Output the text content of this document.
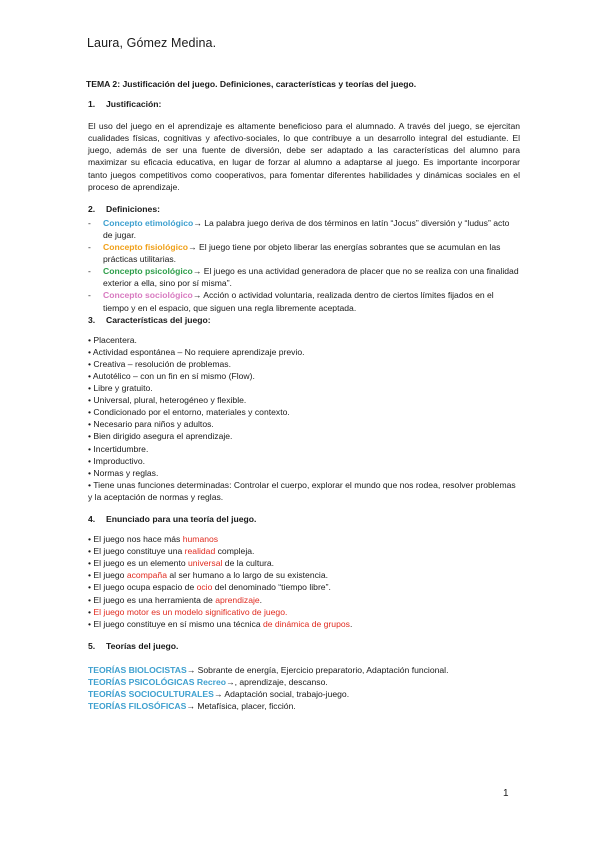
Laura, Gómez Medina.
TEMA 2: Justificación del juego. Definiciones, características y teorías del juego.
1. Justificación:
El uso del juego en el aprendizaje es altamente beneficioso para el alumnado. A través del juego, se ejercitan cualidades físicas, cognitivas y afectivo-sociales, lo que contribuye a un desarrollo integral del estudiante. El juego, además de ser una fuente de diversión, debe ser adaptado a las características del alumno para maximizar su eficacia educativa, en lugar de forzar al alumno a adaptarse al juego. Es importante incorporar tanto juegos competitivos como cooperativos, para fomentar diferentes habilidades y dinámicas sociales en el proceso de aprendizaje.
2. Definiciones:
-	Concepto etimológico→ La palabra juego deriva de dos términos en latín “Jocus” diversión y “ludus” acto de jugar.
-	Concepto fisiológico→ El juego tiene por objeto liberar las energías sobrantes que se acumulan en las prácticas utilitarias.
-	Concepto psicológico→ El juego es una actividad generadora de placer que no se realiza con una finalidad exterior a ella, sino por sí misma”.
-	Concepto sociológico→ Acción o actividad voluntaria, realizada dentro de ciertos límites fijados en el tiempo y en el espacio, que siguen una regla libremente aceptada.
3. Características del juego:
• Placentera.
• Actividad espontánea – No requiere aprendizaje previo.
• Creativa – resolución de problemas.
• Autotélico – con un fin en sí mismo (Flow).
• Libre y gratuito.
• Universal, plural, heterogéneo y flexible.
• Condicionado por el entorno, materiales y contexto.
• Necesario para niños y adultos.
• Bien dirigido asegura el aprendizaje.
• Incertidumbre.
• Improductivo.
• Normas y reglas.
• Tiene unas funciones determinadas: Controlar el cuerpo, explorar el mundo que nos rodea, resolver problemas y la aceptación de normas y reglas.
4. Enunciado para una teoría del juego.
• El juego nos hace más humanos
• El juego constituye una realidad compleja.
• El juego es un elemento universal de la cultura.
• El juego acompaña al ser humano a lo largo de su existencia.
• El juego ocupa espacio de ocio del denominado “tiempo libre”.
• El juego es una herramienta de aprendizaje.
• El juego motor es un modelo significativo de juego.
• El juego constituye en sí mismo una técnica de dinámica de grupos.
5. Teorías del juego.
TEORÍAS BIOLOCISTAS→ Sobrante de energía, Ejercicio preparatorio, Adaptación funcional.
TEORÍAS PSICOLÓGICAS Recreo→, aprendizaje, descanso.
TEORÍAS SOCIOCULTURALES→ Adaptación social, trabajo-juego.
TEORÍAS FILOSÓFICAS→ Metafísica, placer, ficción.
1
